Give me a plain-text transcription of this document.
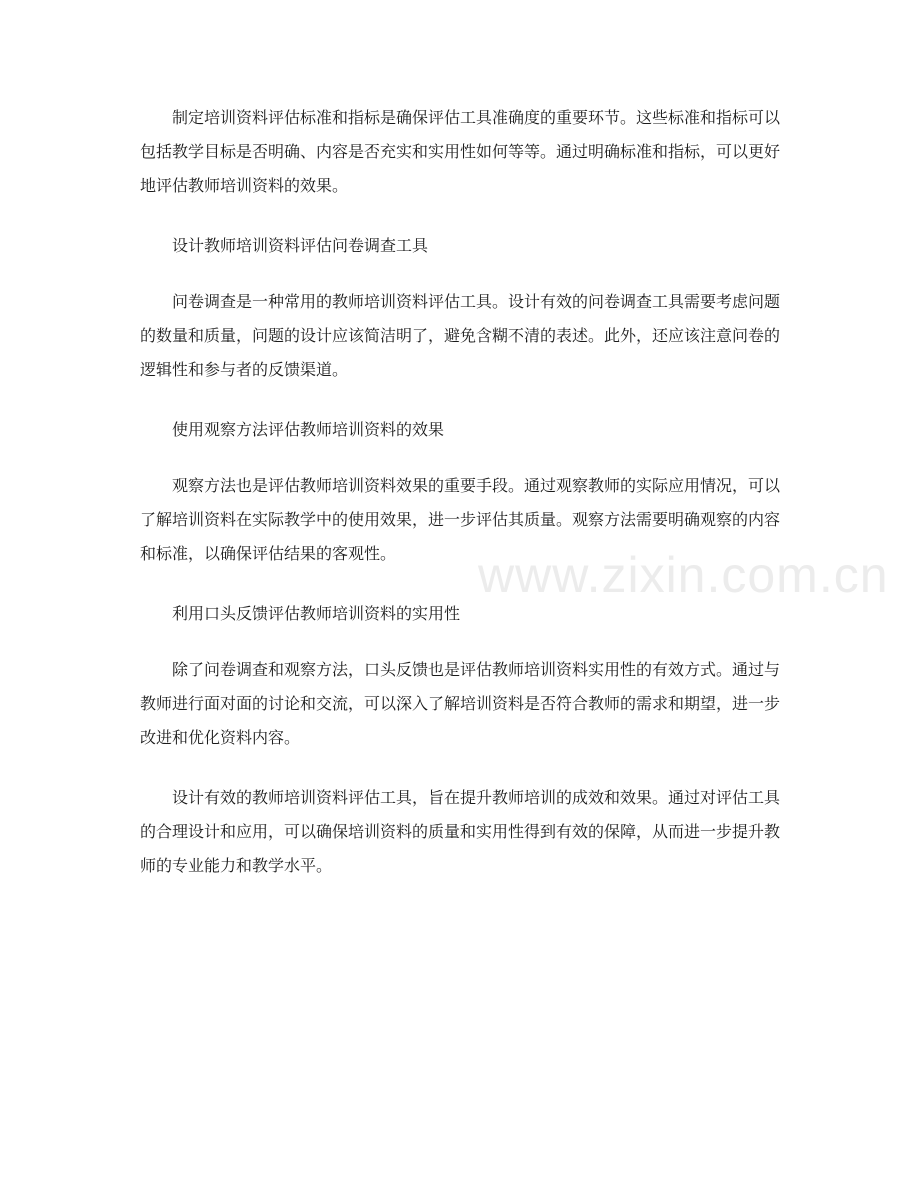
制定培训资料评估标准和指标是确保评估工具准确度的重要环节。这些标准和指标可以包括教学目标是否明确、内容是否充实和实用性如何等等。通过明确标准和指标，可以更好地评估教师培训资料的效果。

设计教师培训资料评估问卷调查工具

问卷调查是一种常用的教师培训资料评估工具。设计有效的问卷调查工具需要考虑问题的数量和质量，问题的设计应该简洁明了，避免含糊不清的表述。此外，还应该注意问卷的逻辑性和参与者的反馈渠道。

使用观察方法评估教师培训资料的效果

观察方法也是评估教师培训资料效果的重要手段。通过观察教师的实际应用情况，可以了解培训资料在实际教学中的使用效果，进一步评估其质量。观察方法需要明确观察的内容和标准，以确保评估结果的客观性。

利用口头反馈评估教师培训资料的实用性

除了问卷调查和观察方法，口头反馈也是评估教师培训资料实用性的有效方式。通过与教师进行面对面的讨论和交流，可以深入了解培训资料是否符合教师的需求和期望，进一步改进和优化资料内容。

设计有效的教师培训资料评估工具，旨在提升教师培训的成效和效果。通过对评估工具的合理设计和应用，可以确保培训资料的质量和实用性得到有效的保障，从而进一步提升教师的专业能力和教学水平。

www.zixin.com.cn
